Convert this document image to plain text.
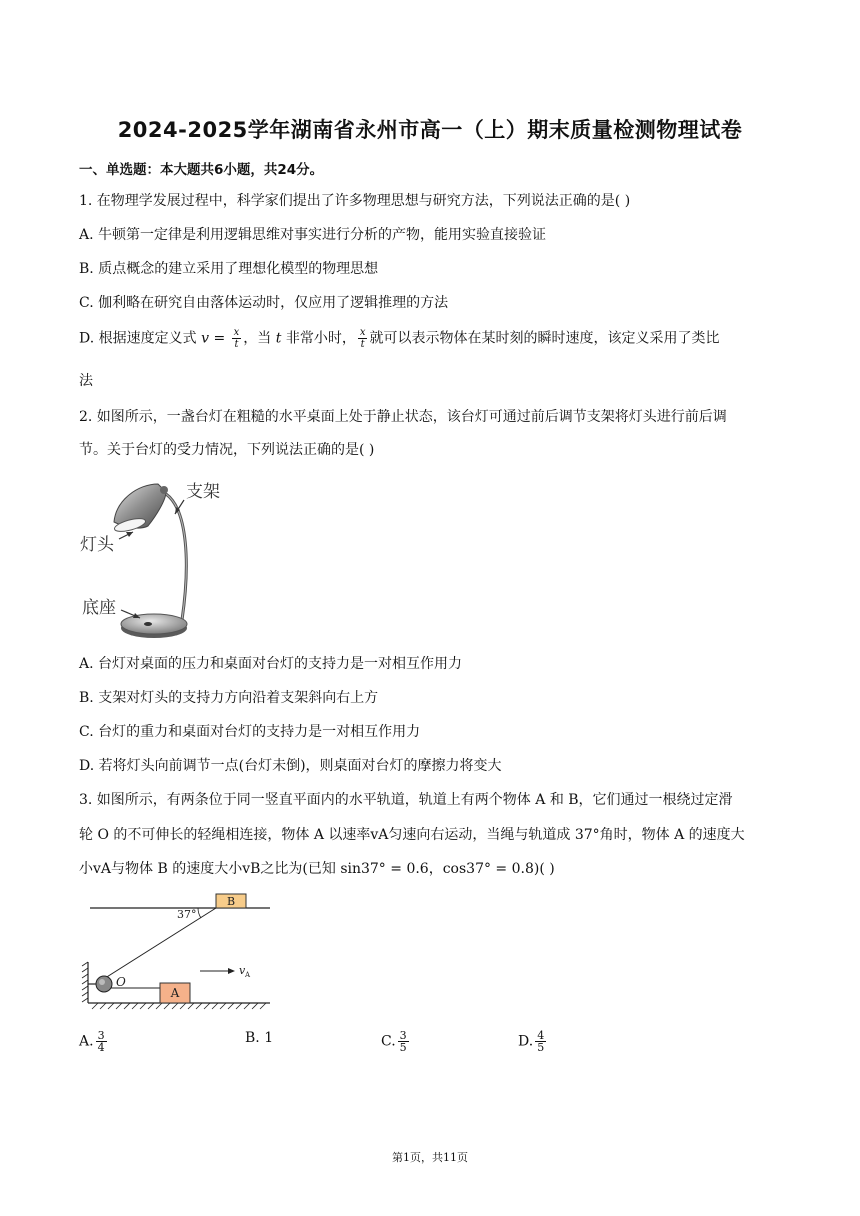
2024-2025学年湖南省永州市高一（上）期末质量检测物理试卷
一、单选题：本大题共6小题，共24分。
1. 在物理学发展过程中，科学家们提出了许多物理思想与研究方法，下列说法正确的是( )
A. 牛顿第一定律是利用逻辑思维对事实进行分析的产物，能用实验直接验证
B. 质点概念的建立采用了理想化模型的物理思想
C. 伽利略在研究自由落体运动时，仅应用了逻辑推理的方法
D. 根据速度定义式 $v = \frac{x}{t}$ ，当 t 非常小时， $\frac{x}{t}$ 就可以表示物体在某时刻的瞬时速度，该定义采用了类比
法
2. 如图所示，一盏台灯在粗糙的水平桌面上处于静止状态，该台灯可通过前后调节支架将灯头进行前后调
节。关于台灯的受力情况，下列说法正确的是( )
支架
灯头
底座
A. 台灯对桌面的压力和桌面对台灯的支持力是一对相互作用力
B. 支架对灯头的支持力方向沿着支架斜向右上方
C. 台灯的重力和桌面对台灯的支持力是一对相互作用力
D. 若将灯头向前调节一点(台灯未倒)，则桌面对台灯的摩擦力将变大
3. 如图所示，有两条位于同一竖直平面内的水平轨道，轨道上有两个物体 A 和 B，它们通过一根绕过定滑
轮 O 的不可伸长的轻绳相连接，物体 A 以速率vA匀速向右运动，当绳与轨道成 37°角时，物体 A 的速度大
小vA与物体 B 的速度大小vB之比为(已知 sin37° = 0.6，cos37° = 0.8)( )
B
37°
O
A
v A
A. $\frac{3}{4}$	B. 1	C. $\frac{3}{5}$	D. $\frac{4}{5}$
第1页，共11页
